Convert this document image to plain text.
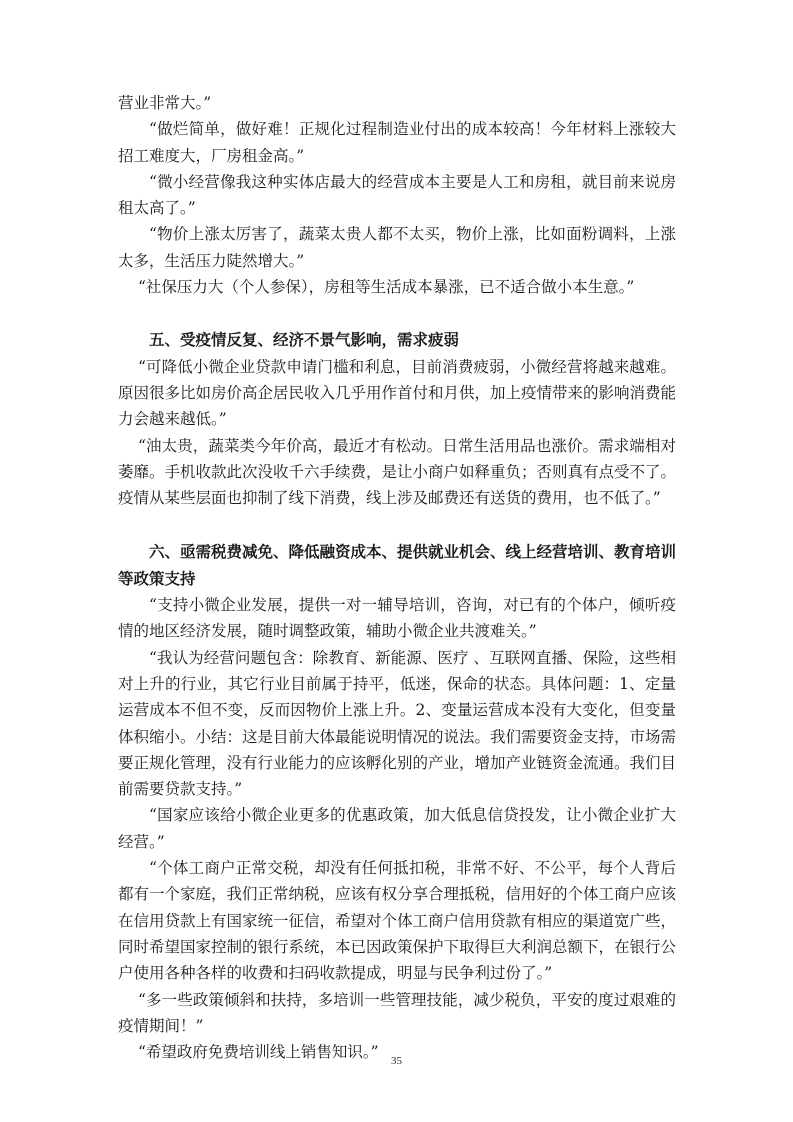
营业非常大。”

“做烂简单，做好难！正规化过程制造业付出的成本较高！今年材料上涨较大招工难度大，厂房租金高。”

“微小经营像我这种实体店最大的经营成本主要是人工和房租，就目前来说房租太高了。”

“物价上涨太厉害了，蔬菜太贵人都不太买，物价上涨，比如面粉调料，上涨太多，生活压力陡然增大。”

“社保压力大（个人参保），房租等生活成本暴涨，已不适合做小本生意。”

五、受疫情反复、经济不景气影响，需求疲弱

“可降低小微企业贷款申请门槛和利息，目前消费疲弱，小微经营将越来越难。原因很多比如房价高企居民收入几乎用作首付和月供，加上疫情带来的影响消费能力会越来越低。”

“油太贵，蔬菜类今年价高，最近才有松动。日常生活用品也涨价。需求端相对萎靡。手机收款此次没收千六手续费，是让小商户如释重负；否则真有点受不了。疫情从某些层面也抑制了线下消费，线上涉及邮费还有送货的费用，也不低了。”

六、亟需税费减免、降低融资成本、提供就业机会、线上经营培训、教育培训等政策支持

“支持小微企业发展，提供一对一辅导培训，咨询，对已有的个体户，倾听疫情的地区经济发展，随时调整政策，辅助小微企业共渡难关。”

“我认为经营问题包含：除教育、新能源、医疗 、互联网直播、保险，这些相对上升的行业，其它行业目前属于持平，低迷，保命的状态。具体问题：1、定量运营成本不但不变，反而因物价上涨上升。2、变量运营成本没有大变化，但变量体积缩小。小结：这是目前大体最能说明情况的说法。我们需要资金支持，市场需要正规化管理，没有行业能力的应该孵化别的产业，增加产业链资金流通。我们目前需要贷款支持。”

“国家应该给小微企业更多的优惠政策，加大低息信贷投发，让小微企业扩大经营。”

“个体工商户正常交税，却没有任何抵扣税，非常不好、不公平，每个人背后都有一个家庭，我们正常纳税，应该有权分享合理抵税，信用好的个体工商户应该在信用贷款上有国家统一征信，希望对个体工商户信用贷款有相应的渠道宽广些，同时希望国家控制的银行系统，本已因政策保护下取得巨大利润总额下，在银行公户使用各种各样的收费和扫码收款提成，明显与民争利过份了。”

“多一些政策倾斜和扶持，多培训一些管理技能，减少税负，平安的度过艰难的疫情期间！”

“希望政府免费培训线上销售知识。”	35
